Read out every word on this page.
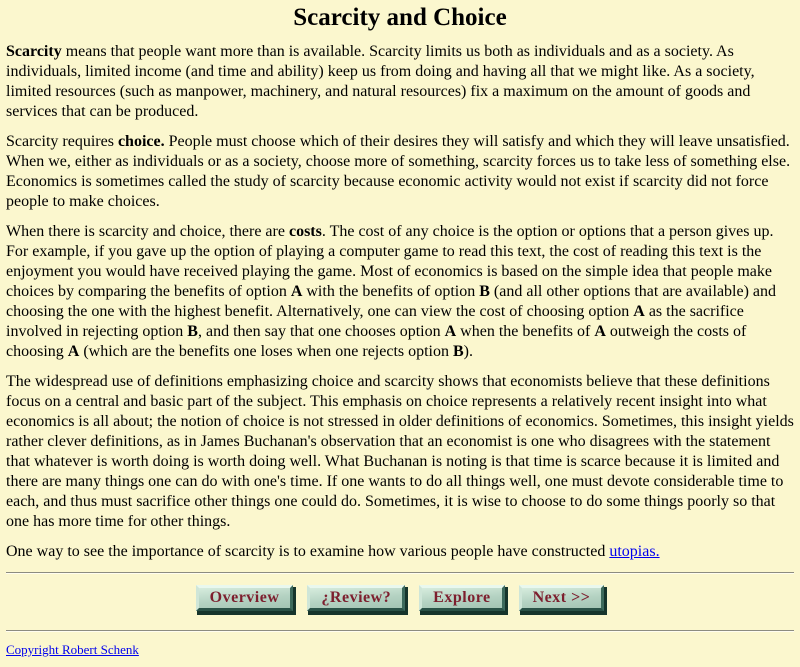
Scarcity and Choice

Scarcity means that people want more than is available. Scarcity limits us both as individuals and as a society. As individuals, limited income (and time and ability) keep us from doing and having all that we might like. As a society, limited resources (such as manpower, machinery, and natural resources) fix a maximum on the amount of goods and services that can be produced.

Scarcity requires choice. People must choose which of their desires they will satisfy and which they will leave unsatisfied. When we, either as individuals or as a society, choose more of something, scarcity forces us to take less of something else. Economics is sometimes called the study of scarcity because economic activity would not exist if scarcity did not force people to make choices.

When there is scarcity and choice, there are costs. The cost of any choice is the option or options that a person gives up. For example, if you gave up the option of playing a computer game to read this text, the cost of reading this text is the enjoyment you would have received playing the game. Most of economics is based on the simple idea that people make choices by comparing the benefits of option A with the benefits of option B (and all other options that are available) and choosing the one with the highest benefit. Alternatively, one can view the cost of choosing option A as the sacrifice involved in rejecting option B, and then say that one chooses option A when the benefits of A outweigh the costs of choosing A (which are the benefits one loses when one rejects option B).

The widespread use of definitions emphasizing choice and scarcity shows that economists believe that these definitions focus on a central and basic part of the subject. This emphasis on choice represents a relatively recent insight into what economics is all about; the notion of choice is not stressed in older definitions of economics. Sometimes, this insight yields rather clever definitions, as in James Buchanan's observation that an economist is one who disagrees with the statement that whatever is worth doing is worth doing well. What Buchanan is noting is that time is scarce because it is limited and there are many things one can do with one's time. If one wants to do all things well, one must devote considerable time to each, and thus must sacrifice other things one could do. Sometimes, it is wise to choose to do some things poorly so that one has more time for other things.

One way to see the importance of scarcity is to examine how various people have constructed utopias.

Overview	¿Review?	Explore	Next >>
Copyright Robert Schenk
